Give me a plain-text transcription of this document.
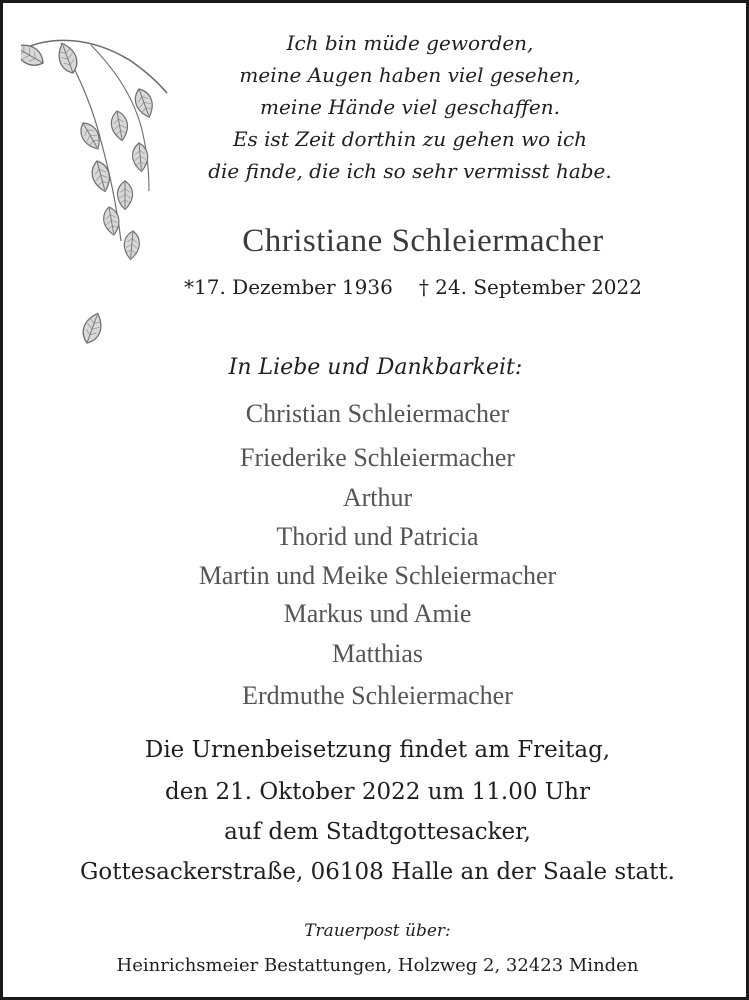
Ich bin müde geworden,
meine Augen haben viel gesehen,
meine Hände viel geschaffen.
Es ist Zeit dorthin zu gehen wo ich
die finde, die ich so sehr vermisst habe.
Christiane Schleiermacher
*17. Dezember 1936 † 24. September 2022
In Liebe und Dankbarkeit:
Christian Schleiermacher
Friederike Schleiermacher
Arthur
Thorid und Patricia
Martin und Meike Schleiermacher
Markus und Amie
Matthias
Erdmuthe Schleiermacher
Die Urnenbeisetzung findet am Freitag,
den 21. Oktober 2022 um 11.00 Uhr
auf dem Stadtgottesacker,
Gottesackerstraße, 06108 Halle an der Saale statt.
Trauerpost über:
Heinrichsmeier Bestattungen, Holzweg 2, 32423 Minden
